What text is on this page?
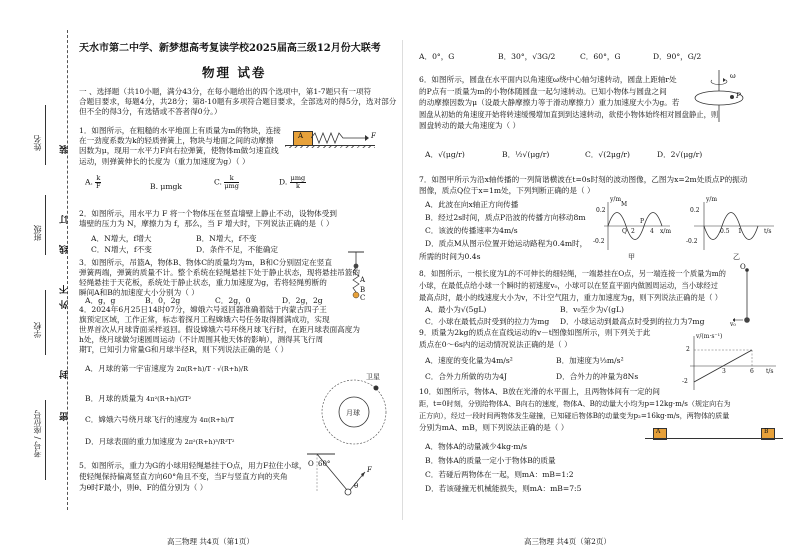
姓名
班级
学校
考号 / 座位号
装
订
线
不
外
封
密
天水市第二中学、新梦想高考复读学校2025届高三级12月份大联考
物理 试卷
一 、选择题（共10小题，满分43分，在每小题给出的四个选项中，第1-7题只有一项符
合题目要求，每题4分，共28分；第8-10题有多项符合题目要求，全部选对的得5分，选对部分
但不全的得3分，有选错或不答者得0分。）
1．如图所示，在粗糙的水平地面上有质量为m的物块，连接
在一劲度系数为k的轻质弹簧上，物块与地面之间的动摩擦
因数为μ，现用一水平力F向右拉弹簧，使物体m做匀速直线
运动，则弹簧伸长的长度为（重力加速度为g）（ ）
A	F
A. $\frac{k}{F}$	B. μmgk	C. $\frac{k}{\text{μmg}}$	D. $\frac{\text{μmg}}{k}$
2．如图所示，用水平力 F 将一个物体压在竖直墙壁上静止不动，设物体受到
墙壁的压力为 N，摩擦力为 f，那么，当 F 增大时，下列说法正确的是（ ）
A．N增大，f增大	B．N增大，f不变
C．N增大，f不变	D．条件不足，不能确定
3．如图所示，吊篮A，物体B、物体C的质量均为m，B和C分别固定在竖直
弹簧两端，弹簧的质量不计。整个系统在轻绳悬挂下处于静止状态，现将悬挂吊篮的
轻绳悬挂于天花板，系统处于静止状态，重力加速度为g，若将轻绳剪断的
瞬间A和B的加速度大小分别为（ ）
A．g，g	B．0，2g	C．2g，0	D．2g，2g
A
B
C
4．2024年6月25日14时07分，嫦娥六号返回器准确着陆于内蒙古四子王
旗预定区域，工作正常，标志着探月工程嫦娥六号任务取得圆满成功，实现
世界首次从月球背面采样返回。假设嫦娥六号环绕月球飞行时，在距月球表面高度为
h处，绕月球做匀速圆周运动（不计周围其他天体的影响），测得其飞行周
期T，已知引力常量G和月球半径R，则下列说法正确的是（ ）
A．月球的第一宇宙速度为 2π(R+h)/T · √(R+h)/R
B．月球的质量为 4π²(R+h)/GT²
C．嫦娥六号绕月球飞行的速度为 4π(R+h)/T
D．月球表面的重力加速度为 2π²(R+h)³/R²T²
月球
卫星
5．如图所示，重力为G的小球用轻绳悬挂于O点，用力F拉住小球，
使轻绳保持偏离竖直方向60°角且不变，当F与竖直方向的夹角
为θ时F最小，则θ、F的值分别为（ ）
60°
O
F
θ
高三物理 共4页（第1页）	高三物理 共4页（第2页）
A．0°，G	B．30°，√3G/2	C．60°，G	D．90°，G/2
6．如图所示，圆盘在水平面内以角速度ω绕中心轴匀速转动，圆盘上距轴r处
的P点有一质量为m的小物体随圆盘一起匀速转动。已知小物体与圆盘之间
的动摩擦因数为μ（设最大静摩擦力等于滑动摩擦力）重力加速度大小为g。若
圆盘从初始的角速度开始将转速缓慢增加直到到达速转动，欲使小物体始终相对圆盘静止，则
圆盘转动的最大角速度为（ ）
A．√(μg/r)	B．½√(μg/r)	C．√(2μg/r)	D．2√(μg/r)
ω
P
7．如图甲所示为沿x轴传播的一列简谐横波在t=0s时刻的波动图像，乙图为x=2m处质点P的振动
图像，质点Q位于x=1m处，下列判断正确的是（ ）
A．此波在向x轴正方向传播
B．经过2s时间，质点P沿波的传播方向移动8m
C．该波的传播速率为4m/s
D．质点M从图示位置开始运动路程为0.4m时，
所需的时间为0.4s
y/m
0.2
-0.2
2	4 x/m
M
P
Q
甲
y/m
0.2
-0.2
0.5 1	t/s
乙
8．如图所示，一根长度为L的不可伸长的细轻绳，一端悬挂在O点，另一端连接一个质量为m的
小球，在最低点给小球一个瞬时的初速度v₀，小球可以在竖直平面内做圆周运动，当小球经过
最高点时，最小的线速度大小为v，不计空气阻力，重力加速度为g，则下列说法正确的是（ ）
A．最小为√(5gL)	B．v₀至少为√(gL)
C．小球在最低点时受到的拉力为mg D．小球运动到最高点时受到的拉力为7mg
O
v₀
9．质量为2kg的质点在直线运动的v－t图像如图所示，则下列关于此
质点在0～6s内的运动情况说法正确的是（ ）
A．速度的变化量为4m/s²	B．加速度为⅓m/s²
C．合外力所做的功为4J	D．合外力的冲量为8Ns
v/(m·s⁻¹)
t/s
2
-2
3	6
10．如图所示，物体A、B放在光滑的水平面上，且两物体间有一定的间
距，t=0时刻，分别给物体A、B向右的速度，物体A、B的动量大小均为p=12kg·m/s（规定向右为
正方向），经过一段时间两物体发生碰撞，已知碰后物体B的动量变为p₂=16kg·m/s，两物体的质量
分别为mA、mB，则下列说法正确的是（ ）
A．物体A的动量减少4kg·m/s
B．物体A的质量一定小于物体B的质量
C．若碰后两物体在一起，则mA：mB=1:2
D．若该碰撞无机械能损失，则mA：mB=7:5
A	B
